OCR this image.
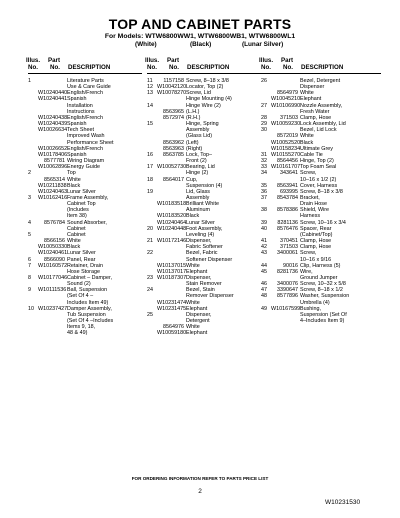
TOP AND CABINET PARTS
For Models: WTW6800WW1, WTW6800WB1, WTW6800WL1
(White)	(Black)	(Lunar Silver)
Illus.
No.
Part
No. DESCRIPTION
1	Literature Parts
Use & Care Guide
W10240440 English/French
W10240441 Spanish
Installation
Instructions
W10240438 English/French
W10240439 Spanish
W10026634 Tech Sheet
Improved Wash
Performance Sheet
W10026652 English/French
W10178406 Spanish
8577781 Wiring Diagram
W10062896 Energy Guide
2	Top
8565314 White
W10211838 Black
W10240463 Lunar Silver
3	W10162416 Frame Assembly,
Cabinet Top
(Includes
Item 38)
4	8576784 Sound Absorber,
Cabinet
5	Cabinet
8566156 White
W10050330 Black
W10240461 Lunar Silver
6	8566090 Panel, Rear
7	W10160572 Retainer, Drain
Hose Storage
8	W10177046 Cabinet – Damper,
Sound (2)
9	W10111536 Ball, Suspension
(Set Of 4 –
Includes Item 49)
10 W10237427 Damper Assembly,
Tub Suspension
(Set Of 4 –Includes
Items 9, 18,
48 & 49)
Illus.
No.
Part
No. DESCRIPTION
11	1157158 Screw, 8–18 x 3/8
12 W10042120 Locator, Top (2)
13 W10078270 Screw, Lid
Hinge Mounting (4)
14	Hinge Wire (2)
8563965 (L.H.)
8572974 (R.H.)
15	Hinge, Spring
Assembly
(Glass Lid)
8563962 (Left)
8563963 (Right)
16	8563785 Lock, Top–
Front (2)
17 W10052730 Bearing, Lid
Hinge (2)
18	8564017 Cup,
Suspension (4)
19	Lid, Glass
Assembly
W10183518 Brilliant White
Aluminum
W10183520 Black
W10240464 Lunar Silver
20 W10240448 Foot Assembly,
Leveling (4)
21 W10172146 Dispenser,
Fabric Softener
22	Bezel, Fabric
Softener Dispenser
W10137015 White
W10137017 Elephant
23 W10187307 Dispenser,
Stain Remover
24	Bezel, Stain
Remover Dispenser
W10231474 White
W10231475 Elephant
25	Dispenser,
Detergent
8564976 White
W10059180 Elephant
Illus.
No.
Part
No. DESCRIPTION
26	Bezel, Detergent
Dispenser
8564979 White
W10045210 Elephant
27 W10106990 Nozzle Assembly,
Fresh Water
28	371503 Clamp, Hose
29 W10059230 Lock Assembly, Lid
30	Bezel, Lid Lock
8572019 White
W10052520 Black
W10158234 Ultimate Grey
31 W10155270 Cable Tie
32	8564456 Hinge, Top (2)
33 W10161707 Top Foam Seal
34	343641 Screw,
10–16 x 1/2 (2)
35	8563941 Cover, Harness
36	693995 Screw, 8–18 x 3/8
37	8543784 Bracket,
Drain Hose
38	8578386 Shield, Wire
Harness
39	8281136 Screw, 10–16 x 3/4
40	8576476 Spacer, Rear
(Cabinet/Top)
41	370451 Clamp, Hose
42	371503 Clamp, Hose
43	3400061 Screw,
10–16 x 9/16
44	90016 Clip, Harness (5)
45	8281736 Wire,
Ground Jumper
46	3400076 Screw, 10–32 x 5/8
47	3390647 Screw, 8–18 x 1/2
48	8577896 Washer, Suspension
Umbrella (4)
49 W10167599 Bushing,
Suspension (Set Of
4–Includes Item 9)
FOR ORDERING INFORMATION REFER TO PARTS PRICE LIST
2
W10231530
